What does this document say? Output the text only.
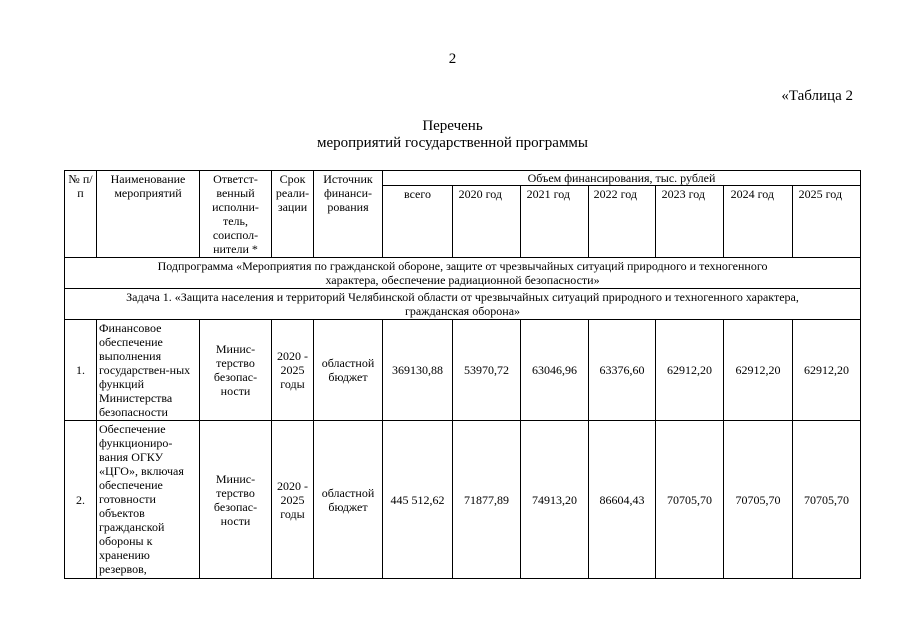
2
«Таблица 2
Перечень
мероприятий государственной программы
№ п/п	Наименование мероприятий	Ответст-венный исполни-тель, соиспол-нители *	Срок реали-зации	Источник финанси-рования	Объем финансирования, тыс. рублей						
					всего	2020 год	2021 год	2022 год	2023 год	2024 год	2025 год
Подпрограмма «Мероприятия по гражданской обороне, защите от чрезвычайных ситуаций природного и техногенного характера, обеспечение радиационной безопасности»											
Задача 1. «Защита населения и территорий Челябинской области от чрезвычайных ситуаций природного и техногенного характера, гражданская оборона»											
1.	Финансовое обеспечение выполнения государствен-ных функций Министерства безопасности	Минис-терство безопас-ности	2020 - 2025 годы	областной бюджет	369130,88	53970,72	63046,96	63376,60	62912,20	62912,20	62912,20
2.	Обеспечение функциониро-вания ОГКУ «ЦГО», включая обеспечение готовности объектов гражданской обороны к хранению резервов,	Минис-терство безопас-ности	2020 - 2025 годы	областной бюджет	445 512,62	71877,89	74913,20	86604,43	70705,70	70705,70	70705,70
